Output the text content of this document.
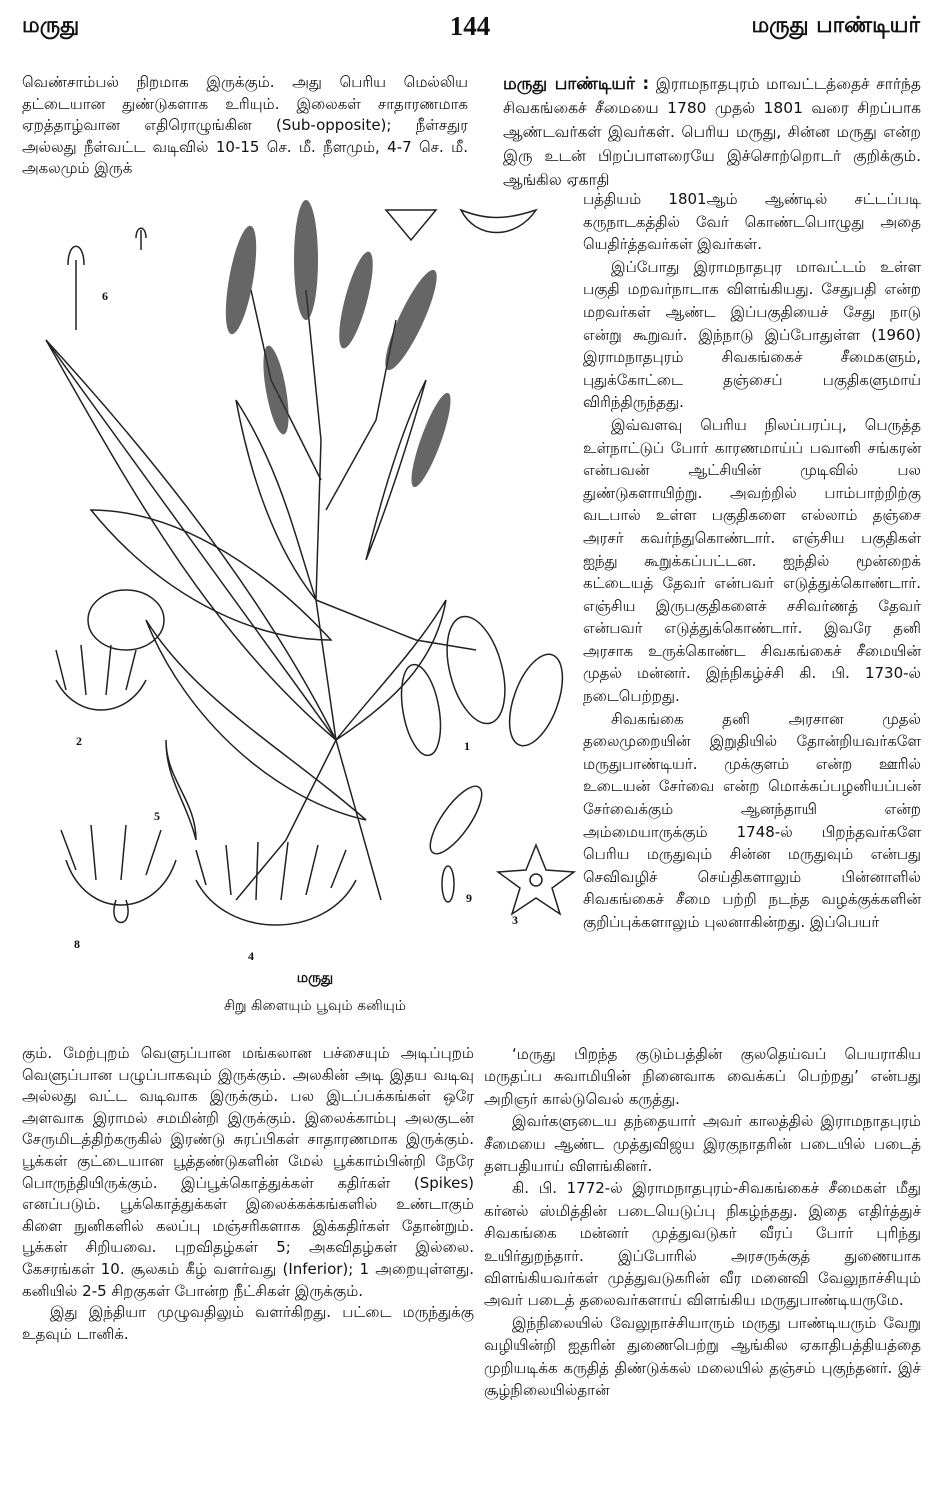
மருது	144	மருது பாண்டியர்

வெண்சாம்பல் நிறமாக இருக்கும். அது பெரிய மெல்லிய தட்டையான துண்டுகளாக உரியும். இலைகள் சாதாரணமாக ஏறத்தாழ்வான எதிரொழுங்கின (Sub-opposite); நீள்சதுர அல்லது நீள்வட்ட வடிவில் 10-15 செ. மீ. நீளமும், 4-7 செ. மீ. அகலமும் இருக்

மருது பாண்டியர் : இராமநாதபுரம் மாவட்டத்தைச் சார்ந்த சிவகங்கைச் சீமையை 1780 முதல் 1801 வரை சிறப்பாக ஆண்டவர்கள் இவர்கள். பெரிய மருது, சின்ன மருது என்ற இரு உடன் பிறப்பாளரையே இச்சொற்றொடர் குறிக்கும். ஆங்கில ஏகாதி

பத்தியம் 1801ஆம் ஆண்டில் சட்டப்படி கருநாடகத்தில் வேர் கொண்டபொழுது அதை யெதிர்த்தவர்கள் இவர்கள்.

இப்போது இராமநாதபுர மாவட்டம் உள்ள பகுதி மறவர்நாடாக விளங்கியது. சேதுபதி என்ற மறவர்கள் ஆண்ட இப்பகுதியைச் சேது நாடு என்று கூறுவர். இந்நாடு இப்போதுள்ள (1960) இராமநாதபுரம் சிவகங்கைச் சீமைகளும், புதுக்கோட்டை தஞ்சைப் பகுதிகளுமாய் விரிந்திருந்தது.

இவ்வளவு பெரிய நிலப்பரப்பு, பெருத்த உள்நாட்டுப் போர் காரணமாய்ப் பவானி சங்கரன் என்பவன் ஆட்சியின் முடிவில் பல துண்டுகளாயிற்று. அவற்றில் பாம்பாற்றிற்கு வடபால் உள்ள பகுதிகளை எல்லாம் தஞ்சை அரசர் கவர்ந்துகொண்டார். எஞ்சிய பகுதிகள் ஐந்து கூறுக்கப்பட்டன. ஐந்தில் மூன்றைக் கட்டையத் தேவர் என்பவர் எடுத்துக்கொண்டார். எஞ்சிய இருபகுதிகளைச் சசிவர்ணத் தேவர் என்பவர் எடுத்துக்கொண்டார். இவரே தனி அரசாக உருக்கொண்ட சிவகங்கைச் சீமையின் முதல் மன்னர். இந்நிகழ்ச்சி கி. பி. 1730-ல் நடைபெற்றது.

சிவகங்கை தனி அரசான முதல் தலைமுறையின் இறுதியில் தோன்றியவர்களே மருதுபாண்டியர். முக்குளம் என்ற ஊரில் உடையன் சேர்வை என்ற மொக்கப்பழனியப்பன் சேர்வைக்கும் ஆனந்தாயி என்ற அம்மையாருக்கும் 1748-ல் பிறந்தவர்களே பெரிய மருதுவும் சின்ன மருதுவும் என்பது செவிவழிச் செய்திகளாலும் பின்னாளில் சிவகங்கைச் சீமை பற்றி நடந்த வழக்குக்களின் குறிப்புக்களாலும் புலனாகின்றது. இப்பெயர்

6
2
5
8
4
1
9
3
மருது
சிறு கிளையும் பூவும் கனியும்

கும். மேற்புறம் வெளுப்பான மங்கலான பச்சையும் அடிப்புறம் வெளுப்பான பழுப்பாகவும் இருக்கும். அலகின் அடி இதய வடிவு அல்லது வட்ட வடிவாக இருக்கும். பல இடப்பக்கங்கள் ஒரே அளவாக இராமல் சமமின்றி இருக்கும். இலைக்காம்பு அலகுடன் சேருமிடத்திற்கருகில் இரண்டு சுரப்பிகள் சாதாரணமாக இருக்கும். பூக்கள் குட்டையான பூத்தண்டுகளின் மேல் பூக்காம்பின்றி நேரே பொருந்தியிருக்கும். இப்பூக்கொத்துக்கள் கதிர்கள் (Spikes) எனப்படும். பூக்கொத்துக்கள் இலைக்கக்கங்களில் உண்டாகும் கிளை நுனிகளில் கலப்பு மஞ்சரிகளாக இக்கதிர்கள் தோன்றும். பூக்கள் சிறியவை. புறவிதழ்கள் 5; அகவிதழ்கள் இல்லை. கேசரங்கள் 10. சூலகம் கீழ் வளர்வது (Inferior); 1 அறையுள்ளது. கனியில் 2-5 சிறகுகள் போன்ற நீட்சிகள் இருக்கும்.

இது இந்தியா முழுவதிலும் வளர்கிறது. பட்டை மருந்துக்கு உதவும் டானிக்.

‘மருது பிறந்த குடும்பத்தின் குலதெய்வப் பெயராகிய மருதப்ப சுவாமியின் நினைவாக வைக்கப் பெற்றது’ என்பது அறிஞர் கால்டுவெல் கருத்து.

இவர்களுடைய தந்தையார் அவர் காலத்தில் இராமநாதபுரம் சீமையை ஆண்ட முத்துவிஜய இரகுநாதரின் படையில் படைத் தளபதியாய் விளங்கினர்.

கி. பி. 1772-ல் இராமநாதபுரம்-சிவகங்கைச் சீமைகள் மீது கர்னல் ஸ்மித்தின் படையெடுப்பு நிகழ்ந்தது. இதை எதிர்த்துச் சிவகங்கை மன்னர் முத்துவடுகர் வீரப் போர் புரிந்து உயிர்துறந்தார். இப்போரில் அரசருக்குத் துணையாக விளங்கியவர்கள் முத்துவடுகரின் வீர மனைவி வேலுநாச்சியும் அவர் படைத் தலைவர்களாய் விளங்கிய மருதுபாண்டியருமே.

இந்நிலையில் வேலுநாச்சியாரும் மருது பாண்டியரும் வேறு வழியின்றி ஐதரின் துணைபெற்று ஆங்கில ஏகாதிபத்தியத்தை முறியடிக்க கருதித் திண்டுக்கல் மலையில் தஞ்சம் புகுந்தனர். இச் சூழ்நிலையில்தான்
